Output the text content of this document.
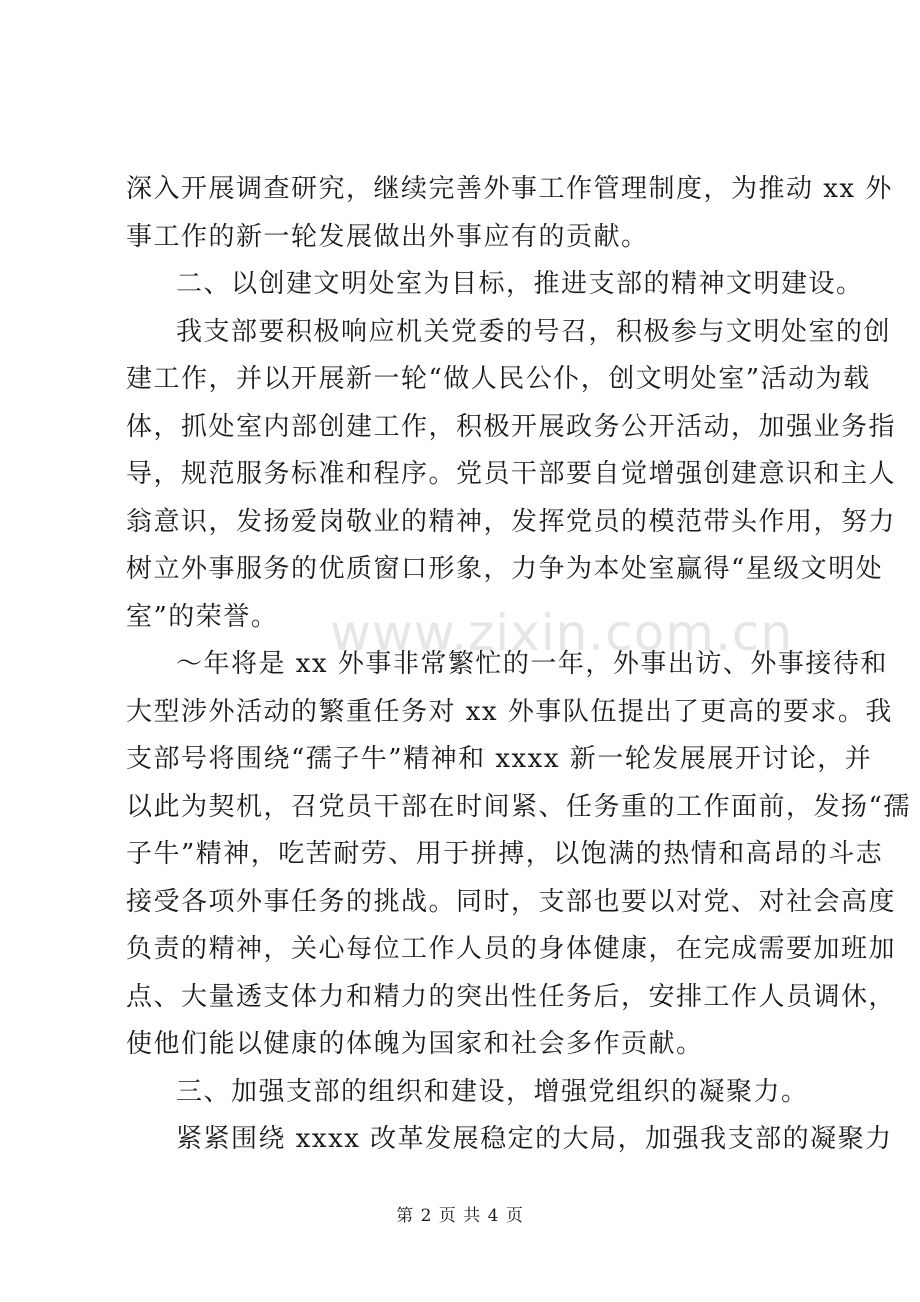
www.zixin.com.cn
深入开展调查研究，继续完善外事工作管理制度，为推动 xx 外
事工作的新一轮发展做出外事应有的贡献。
二、以创建文明处室为目标，推进支部的精神文明建设。
我支部要积极响应机关党委的号召，积极参与文明处室的创
建工作，并以开展新一轮“做人民公仆，创文明处室”活动为载
体，抓处室内部创建工作，积极开展政务公开活动，加强业务指
导，规范服务标准和程序。党员干部要自觉增强创建意识和主人
翁意识，发扬爱岗敬业的精神，发挥党员的模范带头作用，努力
树立外事服务的优质窗口形象，力争为本处室赢得“星级文明处
室”的荣誉。
～年将是 xx 外事非常繁忙的一年，外事出访、外事接待和
大型涉外活动的繁重任务对 xx 外事队伍提出了更高的要求。我
支部号将围绕“孺子牛”精神和 xxxx 新一轮发展展开讨论，并
以此为契机，召党员干部在时间紧、任务重的工作面前，发扬“孺
子牛”精神，吃苦耐劳、用于拼搏，以饱满的热情和高昂的斗志
接受各项外事任务的挑战。同时，支部也要以对党、对社会高度
负责的精神，关心每位工作人员的身体健康，在完成需要加班加
点、大量透支体力和精力的突出性任务后，安排工作人员调休，
使他们能以健康的体魄为国家和社会多作贡献。
三、加强支部的组织和建设，增强党组织的凝聚力。
紧紧围绕 xxxx 改革发展稳定的大局，加强我支部的凝聚力
第 2 页 共 4 页
